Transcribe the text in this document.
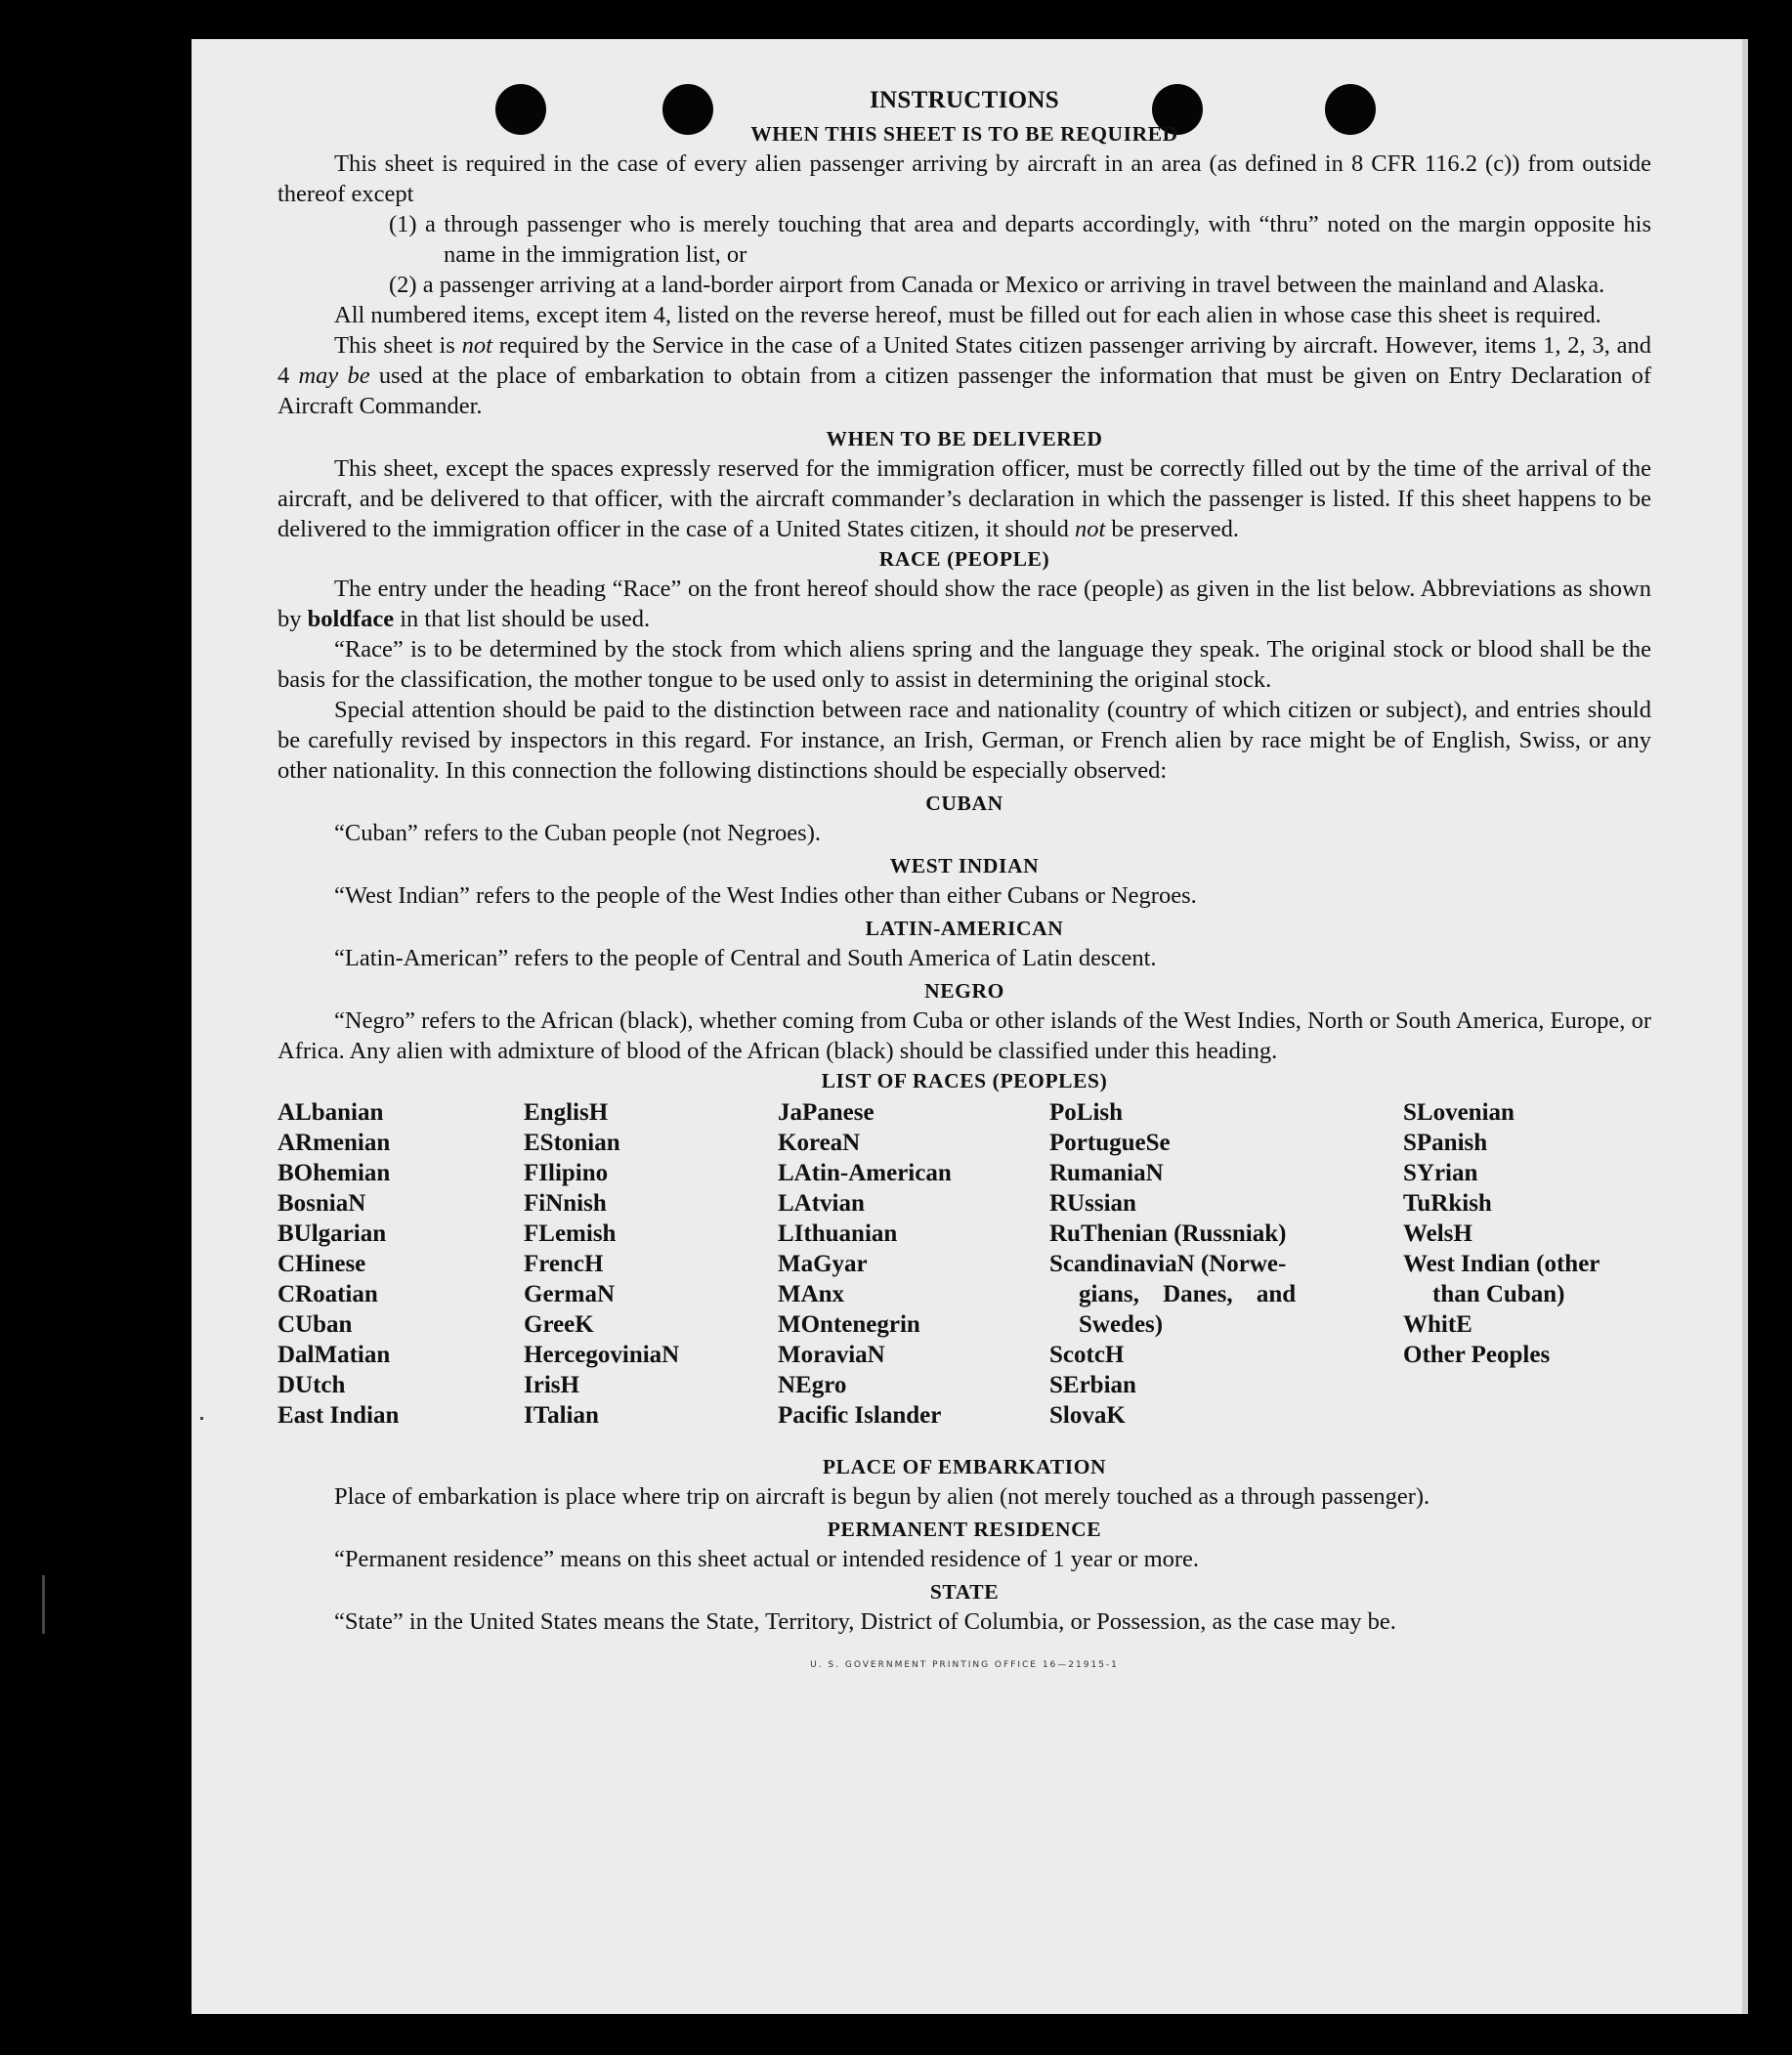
INSTRUCTIONS
WHEN THIS SHEET IS TO BE REQUIRED

This sheet is required in the case of every alien passenger arriving by aircraft in an area (as defined in 8 CFR 116.2 (c)) from outside thereof except

(1) a through passenger who is merely touching that area and departs accordingly, with “thru” noted on the margin opposite his name in the immigration list, or

(2) a passenger arriving at a land-border airport from Canada or Mexico or arriving in travel between the mainland and Alaska.

All numbered items, except item 4, listed on the reverse hereof, must be filled out for each alien in whose case this sheet is required.

This sheet is not required by the Service in the case of a United States citizen passenger arriving by aircraft. However, items 1, 2, 3, and 4 may be used at the place of embarkation to obtain from a citizen passenger the information that must be given on Entry Declaration of Aircraft Commander.

WHEN TO BE DELIVERED

This sheet, except the spaces expressly reserved for the immigration officer, must be correctly filled out by the time of the arrival of the aircraft, and be delivered to that officer, with the aircraft commander’s declaration in which the passenger is listed. If this sheet happens to be delivered to the immigration officer in the case of a United States citizen, it should not be preserved.

RACE (PEOPLE)

The entry under the heading “Race” on the front hereof should show the race (people) as given in the list below. Abbreviations as shown by boldface in that list should be used.

“Race” is to be determined by the stock from which aliens spring and the language they speak. The original stock or blood shall be the basis for the classification, the mother tongue to be used only to assist in determining the original stock.

Special attention should be paid to the distinction between race and nationality (country of which citizen or subject), and entries should be carefully revised by inspectors in this regard. For instance, an Irish, German, or French alien by race might be of English, Swiss, or any other nationality. In this connection the following distinctions should be especially observed:

CUBAN

“Cuban” refers to the Cuban people (not Negroes).

WEST INDIAN

“West Indian” refers to the people of the West Indies other than either Cubans or Negroes.

LATIN-AMERICAN

“Latin-American” refers to the people of Central and South America of Latin descent.

NEGRO

“Negro” refers to the African (black), whether coming from Cuba or other islands of the West Indies, North or South America, Europe, or Africa. Any alien with admixture of blood of the African (black) should be classified under this heading.

LIST OF RACES (PEOPLES)
ALbanian
ARmenian
BOhemian
BosniaN
BUlgarian
CHinese
CRoatian
CUban
DalMatian
DUtch
East Indian
EnglisH
EStonian
FIlipino
FiNnish
FLemish
FrencH
GermaN
GreeK
HercegoviniaN
IrisH
ITalian
JaPanese
KoreaN
LAtin-American
LAtvian
LIthuanian
MaGyar
MAnx
MOntenegrin
MoraviaN
NEgro
Pacific Islander
PoLish
PortugueSe
RumaniaN
RUssian
RuThenian (Russniak)
ScandinaviaN (Norwe-
gians, Danes, and
Swedes)
ScotcH
SErbian
SlovaK
SLovenian
SPanish
SYrian
TuRkish
WelsH
West Indian (other
than Cuban)
WhitE
Other Peoples
PLACE OF EMBARKATION

Place of embarkation is place where trip on aircraft is begun by alien (not merely touched as a through passenger).

PERMANENT RESIDENCE

“Permanent residence” means on this sheet actual or intended residence of 1 year or more.

STATE

“State” in the United States means the State, Territory, District of Columbia, or Possession, as the case may be.

U. S. GOVERNMENT PRINTING OFFICE 16—21915-1
